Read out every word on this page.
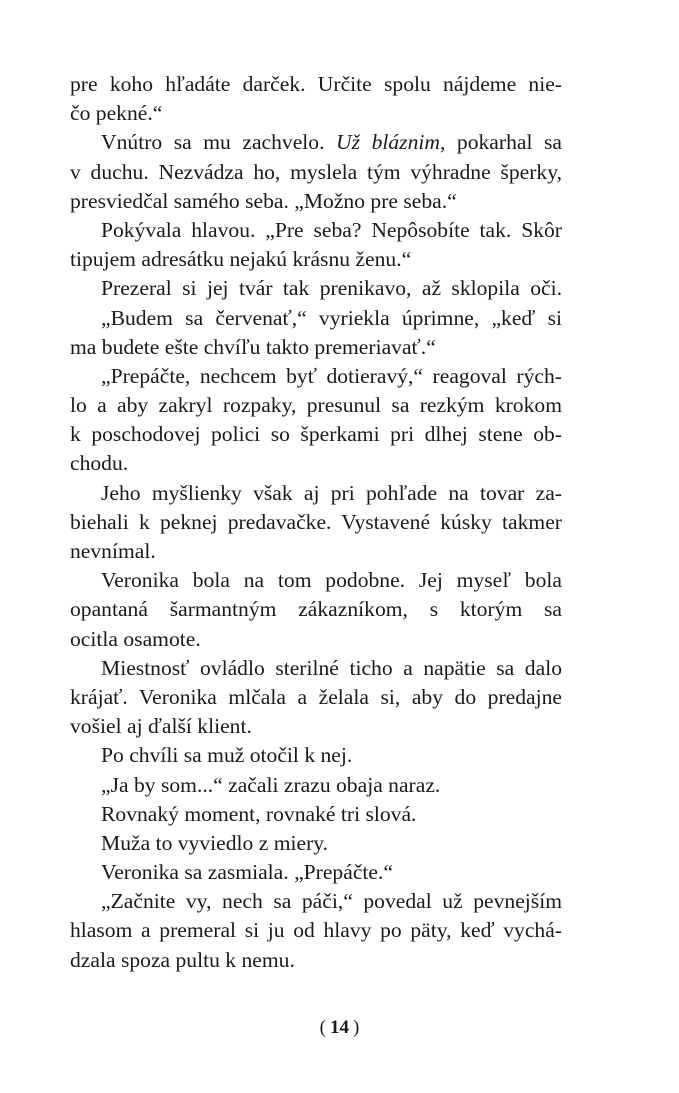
pre koho hľadáte darček. Určite spolu nájdeme nie-
čo pekné.“
Vnútro sa mu zachvelo. Už bláznim, pokarhal sa
v duchu. Nezvádza ho, myslela tým výhradne šperky,
presviedčal samého seba. „Možno pre seba.“
Pokývala hlavou. „Pre seba? Nepôsobíte tak. Skôr
tipujem adresátku nejakú krásnu ženu.“
Prezeral si jej tvár tak prenikavo, až sklopila oči.
„Budem sa červenať,“ vyriekla úprimne, „keď si
ma budete ešte chvíľu takto premeriavať.“
„Prepáčte, nechcem byť dotieravý,“ reagoval rých-
lo a aby zakryl rozpaky, presunul sa rezkým krokom
k poschodovej polici so šperkami pri dlhej stene ob-
chodu.
Jeho myšlienky však aj pri pohľade na tovar za-
biehali k peknej predavačke. Vystavené kúsky takmer
nevnímal.
Veronika bola na tom podobne. Jej myseľ bola
opantaná šarmantným zákazníkom, s ktorým sa
ocitla osamote.
Miestnosť ovládlo sterilné ticho a napätie sa dalo
krájať. Veronika mlčala a želala si, aby do predajne
vošiel aj ďalší klient.
Po chvíli sa muž otočil k nej.
„Ja by som...“ začali zrazu obaja naraz.
Rovnaký moment, rovnaké tri slová.
Muža to vyviedlo z miery.
Veronika sa zasmiala. „Prepáčte.“
„Začnite vy, nech sa páči,“ povedal už pevnejším
hlasom a premeral si ju od hlavy po päty, keď vychá-
dzala spoza pultu k nemu.
( 14 )
